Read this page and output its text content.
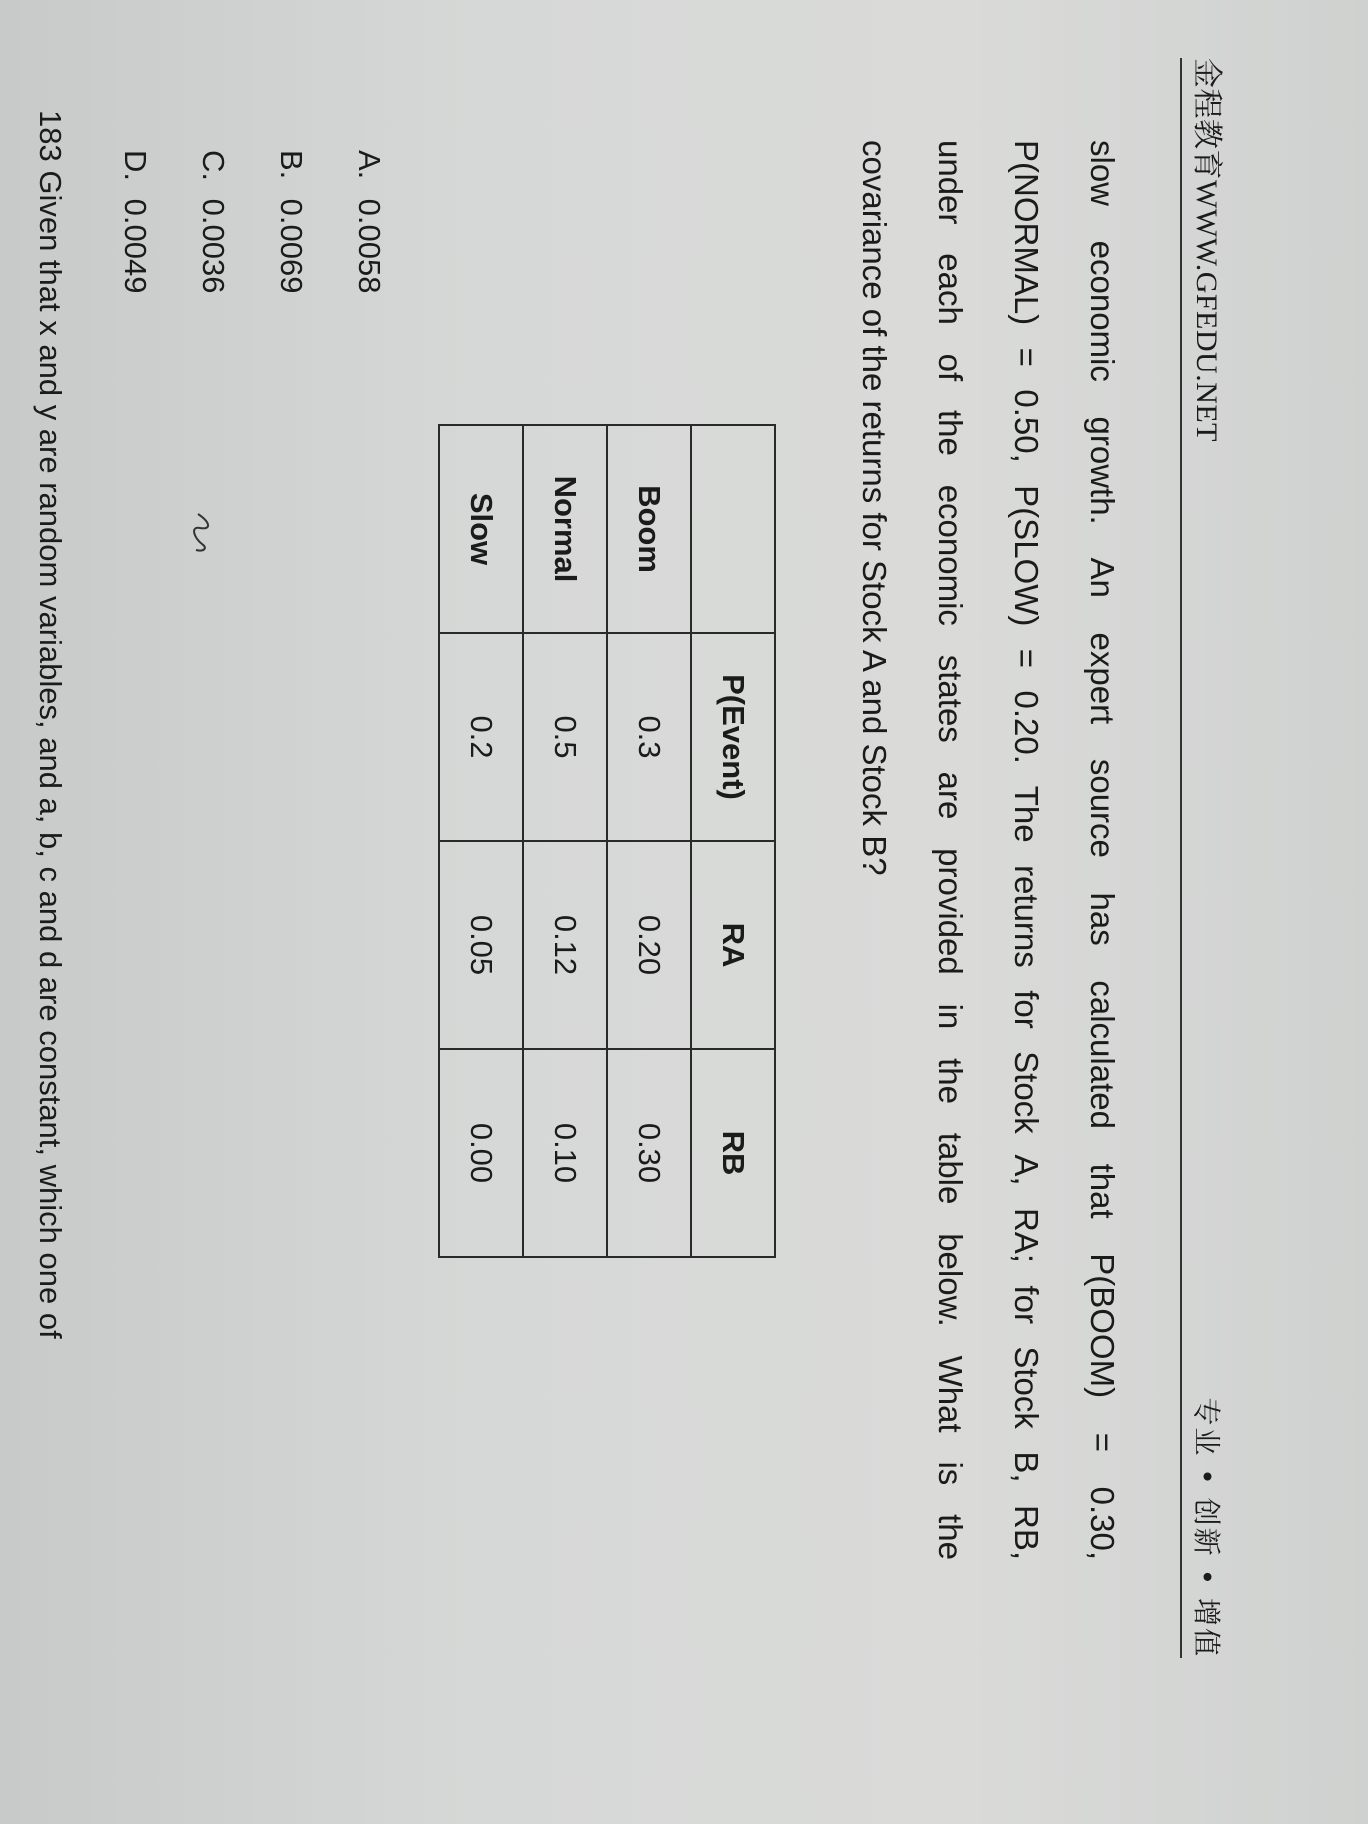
金程教育WWW.GFEDU.NET
专业 • 创新 • 增值
slow economic growth. An expert source has calculated that P(BOOM) = 0.30,
P(NORMAL) = 0.50, P(SLOW) = 0.20. The returns for Stock A, RA; for Stock B, RB,
under each of the economic states are provided in the table below. What is the
covariance of the returns for Stock A and Stock B?
	P(Event)	RA	RB
Boom	0.3	0.20	0.30
Normal	0.5	0.12	0.10
Slow	0.2	0.05	0.00
A. 0.0058
B. 0.0069
C. 0.0036
D. 0.0049
183 Given that x and y are random variables, and a, b, c and d are constant, which one of
